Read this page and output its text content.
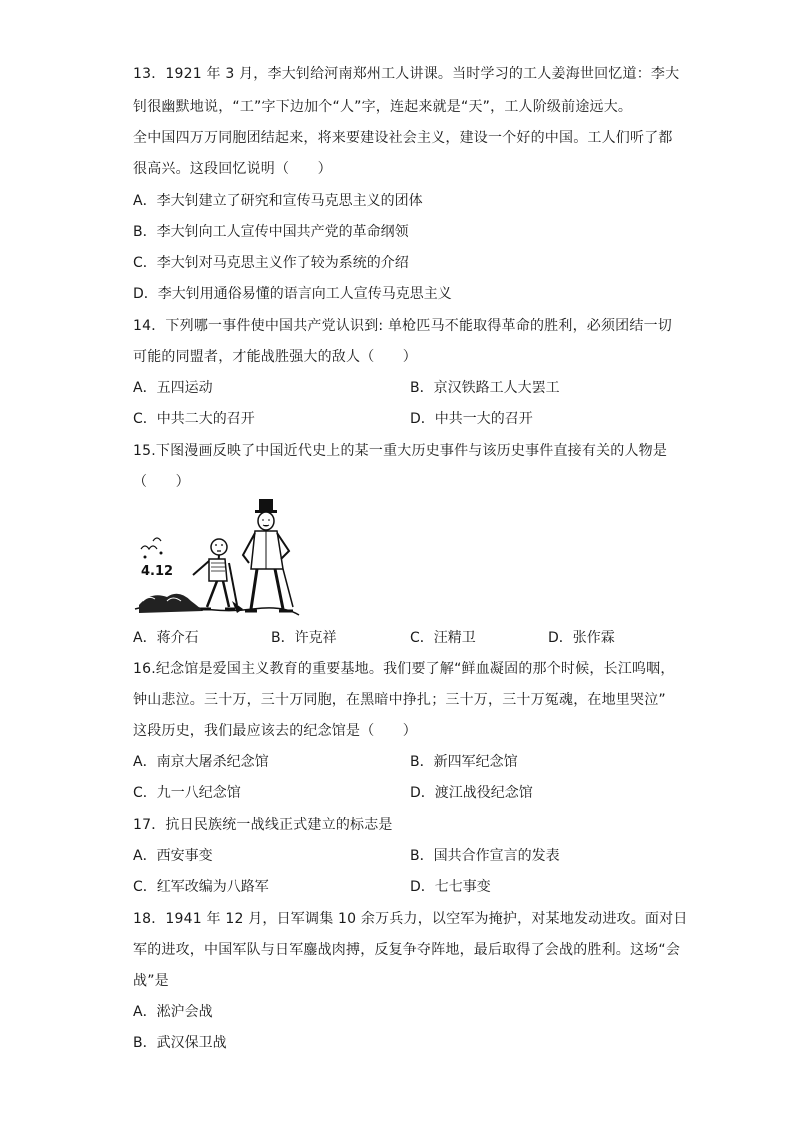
13．1921 年 3 月，李大钊给河南郑州工人讲课。当时学习的工人姜海世回忆道：李大
钊很幽默地说，“工”字下边加个“人”字，连起来就是“天”，工人阶级前途远大。
全中国四万万同胞团结起来，将来要建设社会主义，建设一个好的中国。工人们听了都
很高兴。这段回忆说明（　　）
A．李大钊建立了研究和宣传马克思主义的团体
B．李大钊向工人宣传中国共产党的革命纲领
C．李大钊对马克思主义作了较为系统的介绍
D．李大钊用通俗易懂的语言向工人宣传马克思主义
14．下列哪一事件使中国共产党认识到: 单枪匹马不能取得革命的胜利，必须团结一切
可能的同盟者，才能战胜强大的敌人（　　）
A．五四运动	B．京汉铁路工人大罢工
C．中共二大的召开	D．中共一大的召开
15.下图漫画反映了中国近代史上的某一重大历史事件与该历史事件直接有关的人物是
（　　）
4.12
A．蒋介石	B．许克祥	C．汪精卫	D．张作霖
16.纪念馆是爱国主义教育的重要基地。我们要了解“鲜血凝固的那个时候，长江呜咽，
钟山悲泣。三十万，三十万同胞，在黑暗中挣扎；三十万，三十万冤魂，在地里哭泣”
这段历史，我们最应该去的纪念馆是（　　）
A．南京大屠杀纪念馆	B．新四军纪念馆
C．九一八纪念馆	D．渡江战役纪念馆
17．抗日民族统一战线正式建立的标志是
A．西安事变	B．国共合作宣言的发表
C．红军改编为八路军	D．七七事变
18．1941 年 12 月，日军调集 10 余万兵力，以空军为掩护，对某地发动进攻。面对日
军的进攻，中国军队与日军鏖战肉搏，反复争夺阵地，最后取得了会战的胜利。这场“会
战”是
A．淞沪会战
B．武汉保卫战
